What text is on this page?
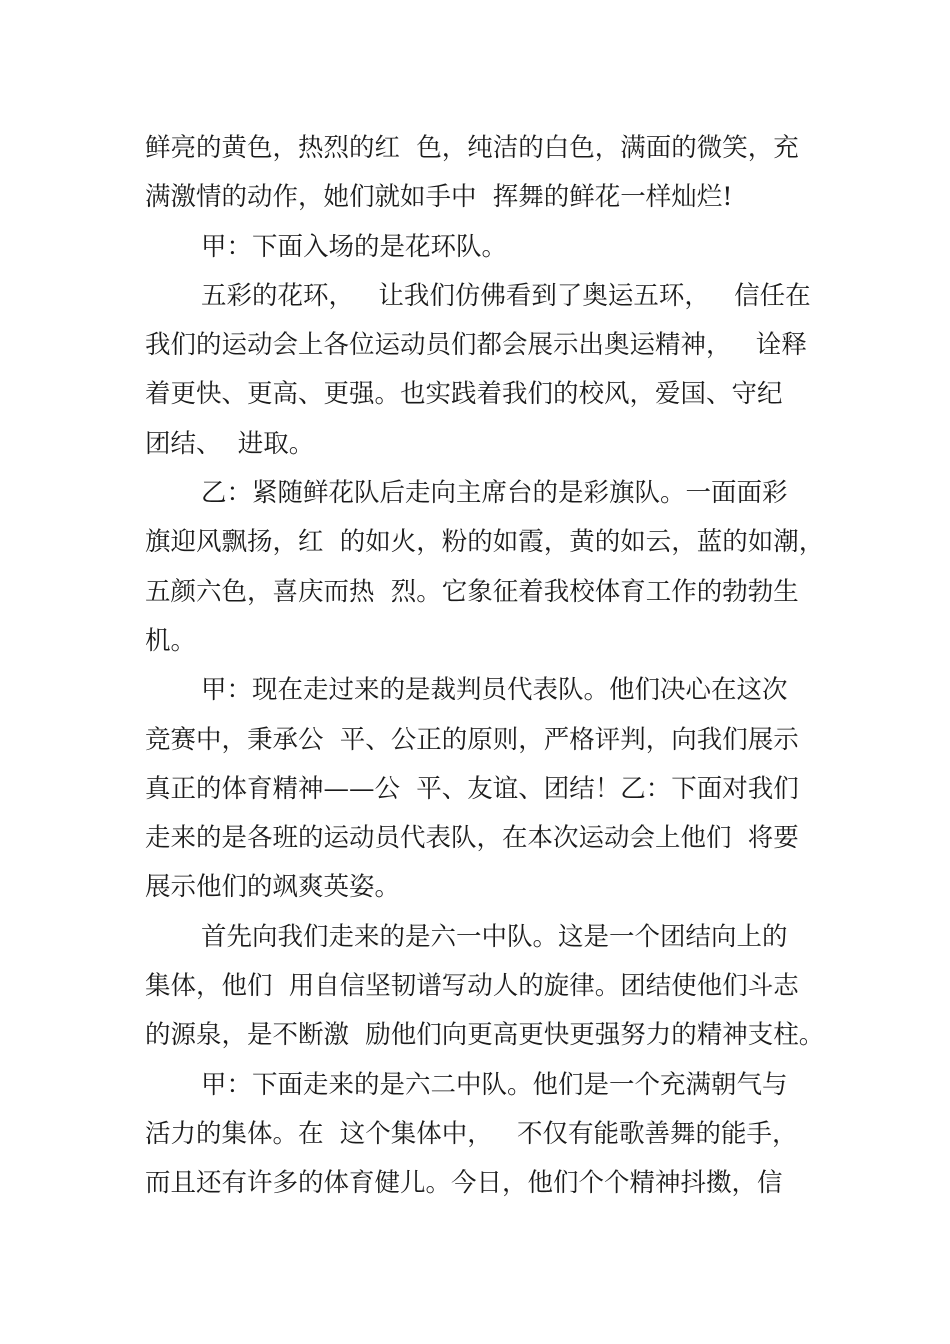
鲜亮的黄色，热烈的红  色，纯洁的白色，满面的微笑，充
满激情的动作，她们就如手中  挥舞的鲜花一样灿烂!
甲：下面入场的是花环队。
五彩的花环，   让我们仿佛看到了奥运五环，   信任在
我们的运动会上各位运动员们都会展示出奥运精神，   诠释
着更快、更高、更强。也实践着我们的校风，爱国、守纪
团结、  进取。
乙：紧随鲜花队后走向主席台的是彩旗队。一面面彩
旗迎风飘扬，红  的如火，粉的如霞，黄的如云，蓝的如潮，
五颜六色，喜庆而热  烈。它象征着我校体育工作的勃勃生
机。
甲：现在走过来的是裁判员代表队。他们决心在这次
竞赛中，秉承公  平、公正的原则，严格评判，向我们展示
真正的体育精神——公  平、友谊、团结！乙：下面对我们
走来的是各班的运动员代表队，在本次运动会上他们  将要
展示他们的飒爽英姿。
首先向我们走来的是六一中队。这是一个团结向上的
集体，他们  用自信坚韧谱写动人的旋律。团结使他们斗志
的源泉，是不断激  励他们向更高更快更强努力的精神支柱。
甲：下面走来的是六二中队。他们是一个充满朝气与
活力的集体。在  这个集体中，   不仅有能歌善舞的能手，
而且还有许多的体育健儿。今日，他们个个精神抖擞，信
